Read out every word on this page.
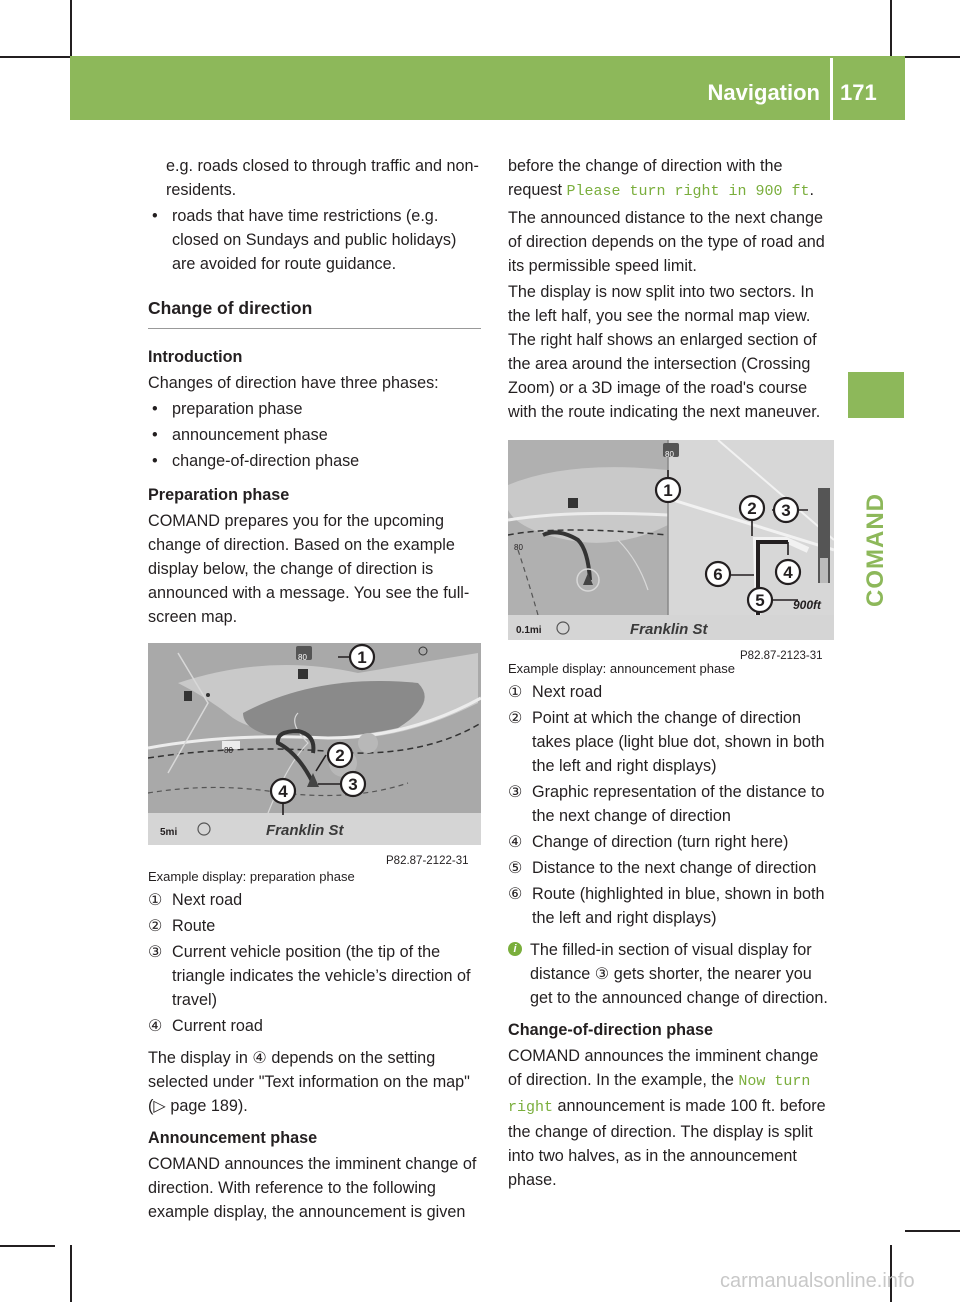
Navigation 171
COMAND

e.g. roads closed to through traffic and non-residents.

• roads that have time restrictions (e.g. closed on Sundays and public holidays) are avoided for route guidance.

Change of direction

Introduction

Changes of direction have three phases:

• preparation phase

• announcement phase

• change-of-direction phase

Preparation phase

COMAND prepares you for the upcoming change of direction. Based on the example display below, the change of direction is announced with a message. You see the full-screen map.

1
2
3
4
80
80
5mi	Franklin St
P82.87-2122-31

Example display: preparation phase

① Next road

② Route

③ Current vehicle position (the tip of the triangle indicates the vehicle’s direction of travel)

④ Current road

The display in ④ depends on the setting selected under "Text information on the map" (▷ page 189).

Announcement phase

COMAND announces the imminent change of direction. With reference to the following example display, the announcement is given

before the change of direction with the request Please turn right in 900 ft.

The announced distance to the next change of direction depends on the type of road and its permissible speed limit.

The display is now split into two sectors. In the left half, you see the normal map view. The right half shows an enlarged section of the area around the intersection (Crossing Zoom) or a 3D image of the road's course with the route indicating the next maneuver.

1
2 3
4
5
6
80
80
0.1mi	Franklin St
900ft
P82.87-2123-31

Example display: announcement phase

① Next road

② Point at which the change of direction takes place (light blue dot, shown in both the left and right displays)

③ Graphic representation of the distance to the next change of direction

④ Change of direction (turn right here)

⑤ Distance to the next change of direction

⑥ Route (highlighted in blue, shown in both the left and right displays)

i The filled-in section of visual display for distance ③ gets shorter, the nearer you get to the announced change of direction.

Change-of-direction phase

COMAND announces the imminent change of direction. In the example, the Now turn right announcement is made 100 ft. before the change of direction. The display is split into two halves, as in the announcement phase.

carmanualsonline.info
